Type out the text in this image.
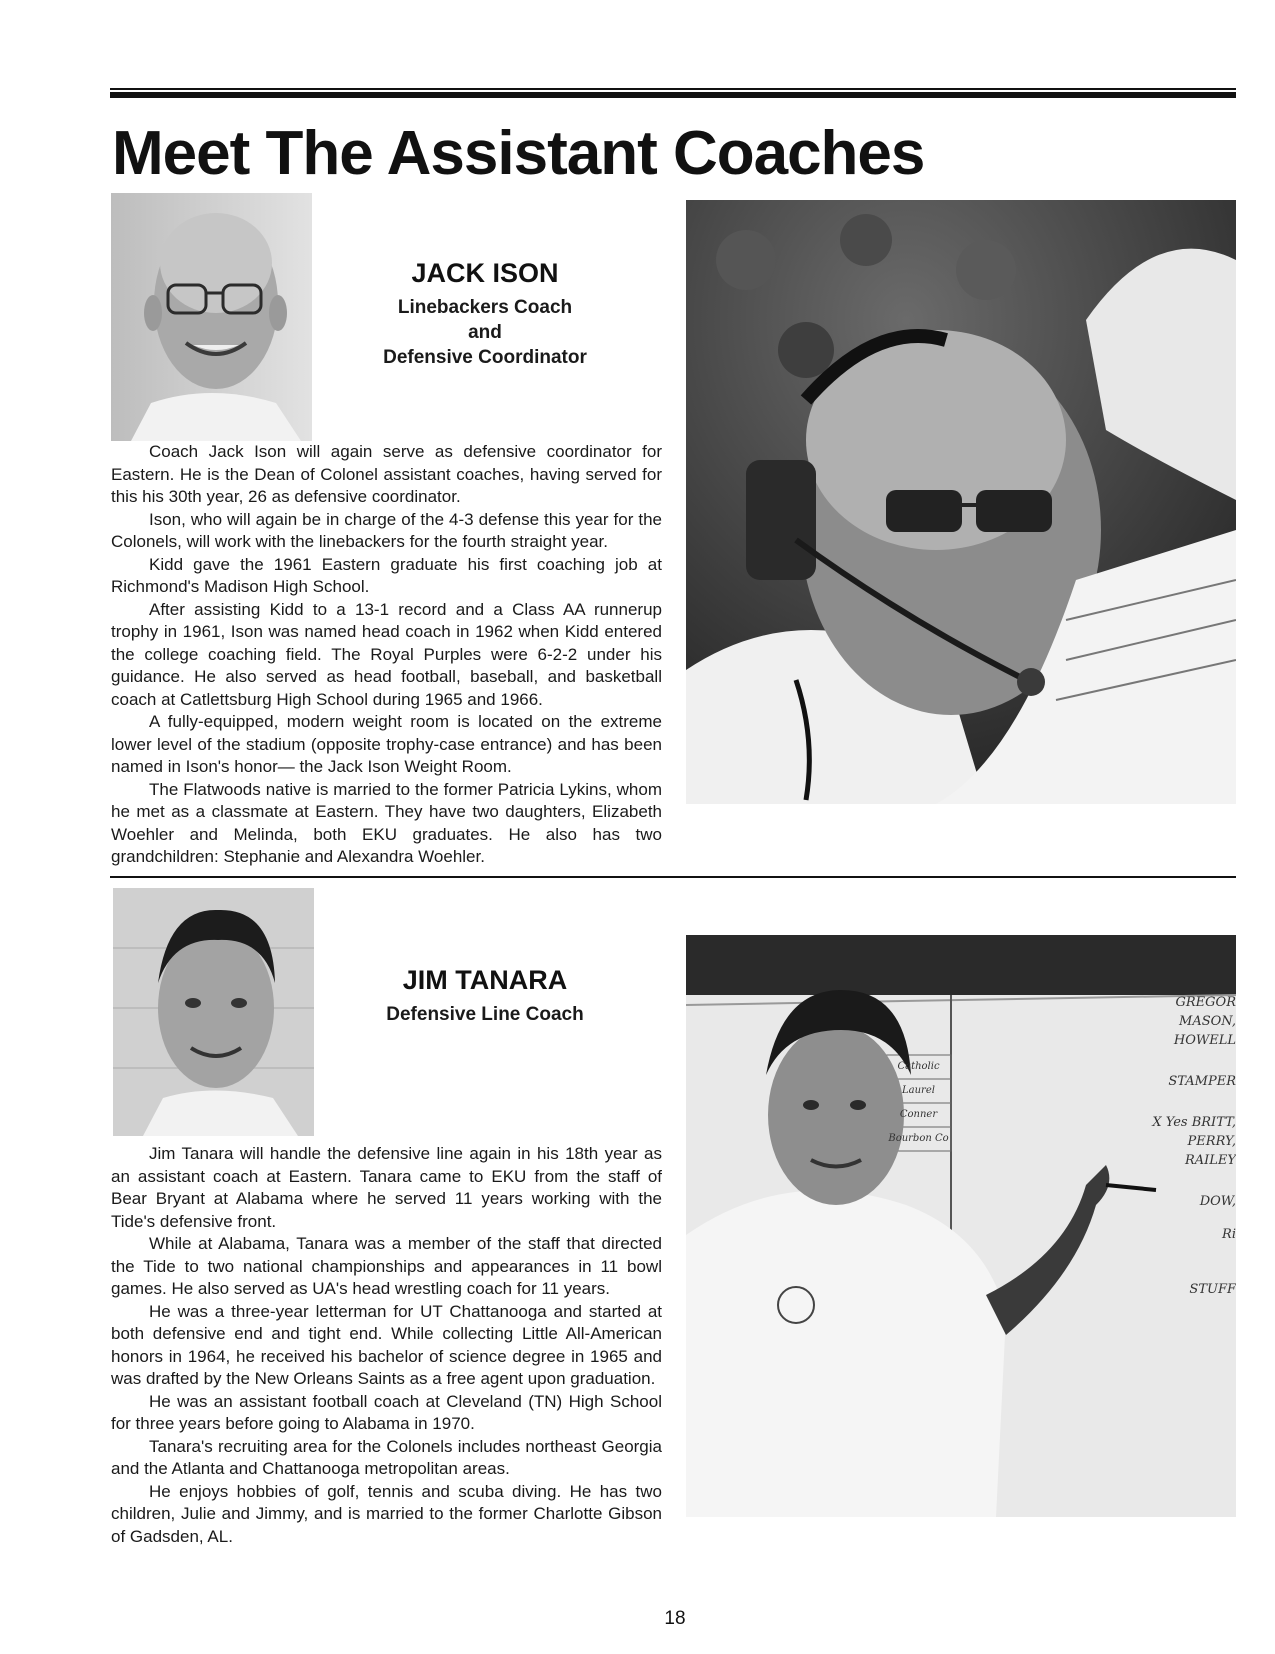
Meet The Assistant Coaches

JACK ISON

Linebackers Coach

and

Defensive Coordinator

Coach Jack Ison will again serve as defensive coordinator for Eastern. He is the Dean of Colonel assistant coaches, having served for this his 30th year, 26 as defensive coordinator.

Ison, who will again be in charge of the 4-3 defense this year for the Colonels, will work with the linebackers for the fourth straight year.

Kidd gave the 1961 Eastern graduate his first coaching job at Richmond's Madison High School.

After assisting Kidd to a 13-1 record and a Class AA runnerup trophy in 1961, Ison was named head coach in 1962 when Kidd entered the college coaching field. The Royal Purples were 6-2-2 under his guidance. He also served as head football, baseball, and basketball coach at Catlettsburg High School during 1965 and 1966.

A fully-equipped, modern weight room is located on the extreme lower level of the stadium (opposite trophy-case entrance) and has been named in Ison's honor— the Jack Ison Weight Room.

The Flatwoods native is married to the former Patricia Lykins, whom he met as a classmate at Eastern. They have two daughters, Elizabeth Woehler and Melinda, both EKU graduates. He also has two grandchildren: Stephanie and Alexandra Woehler.

JIM TANARA

Defensive Line Coach

Catholic
Laurel
Conner
Bourbon Co
GREGOR
MASON,
HOWELL
STAMPER
X Yes BRITT,
PERRY,
RAILEY
DOW,
Ri
STUFF

Jim Tanara will handle the defensive line again in his 18th year as an assistant coach at Eastern. Tanara came to EKU from the staff of Bear Bryant at Alabama where he served 11 years working with the Tide's defensive front.

While at Alabama, Tanara was a member of the staff that directed the Tide to two national championships and appearances in 11 bowl games. He also served as UA's head wrestling coach for 11 years.

He was a three-year letterman for UT Chattanooga and started at both defensive end and tight end. While collecting Little All-American honors in 1964, he received his bachelor of science degree in 1965 and was drafted by the New Orleans Saints as a free agent upon graduation.

He was an assistant football coach at Cleveland (TN) High School for three years before going to Alabama in 1970.

Tanara's recruiting area for the Colonels includes northeast Georgia and the Atlanta and Chattanooga metropolitan areas.

He enjoys hobbies of golf, tennis and scuba diving. He has two children, Julie and Jimmy, and is married to the former Charlotte Gibson of Gadsden, AL.

18
